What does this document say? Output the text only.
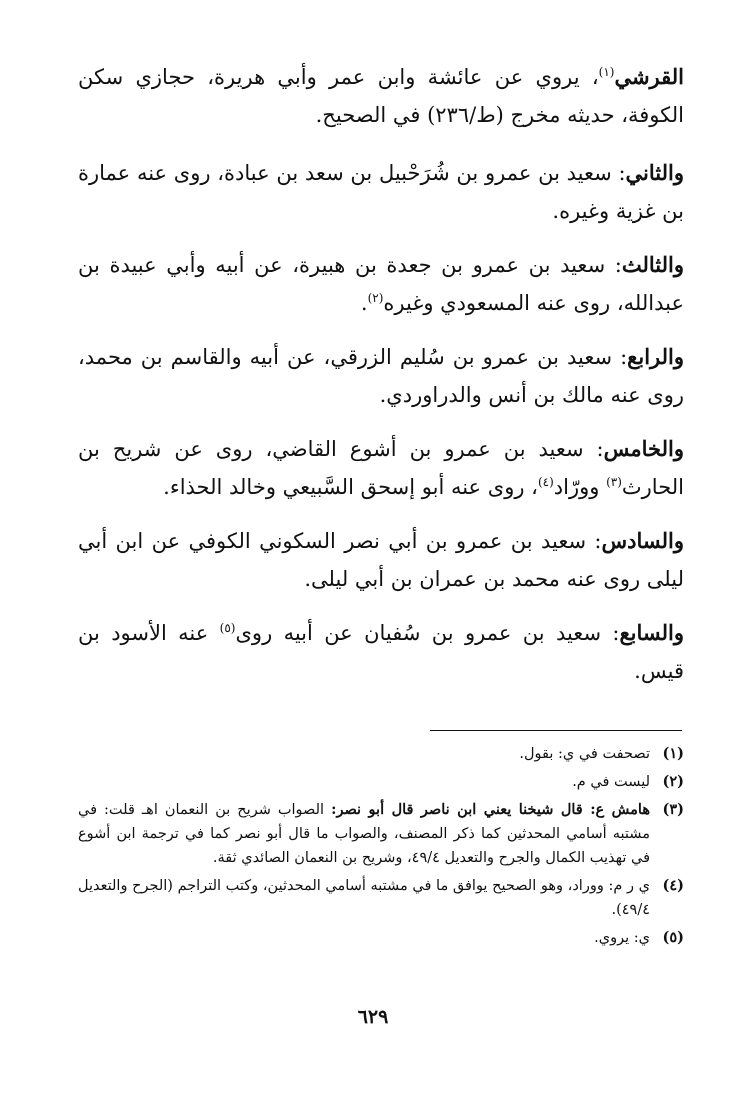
القرشي$^{(١)}$، يروي عن عائشة وابن عمر وأبي هريرة، حجازي سكن الكوفة، حديثه مخرج (ط/٢٣٦) في الصحيح.

والثاني: سعيد بن عمرو بن شُرَحْبيل بن سعد بن عبادة، روى عنه عمارة بن غزية وغيره.

والثالث: سعيد بن عمرو بن جعدة بن هبيرة، عن أبيه وأبي عبيدة بن عبدالله، روى عنه المسعودي وغيره$^{(٢)}$.

والرابع: سعيد بن عمرو بن سُليم الزرقي، عن أبيه والقاسم بن محمد، روى عنه مالك بن أنس والدراوردي.

والخامس: سعيد بن عمرو بن أشوع القاضي، روى عن شريح بن الحارث$^{(٣)}$ وورّاد$^{(٤)}$، روى عنه أبو إسحق السَّبيعي وخالد الحذاء.

والسادس: سعيد بن عمرو بن أبي نصر السكوني الكوفي عن ابن أبي ليلى روى عنه محمد بن عمران بن أبي ليلى.

والسابع: سعيد بن عمرو بن سُفيان عن أبيه روى$^{(٥)}$ عنه الأسود بن قيس.

(١)
تصحفت في ي: بقول.
(٢)
ليست في م.
(٣)
هامش ع: قال شيخنا يعني ابن ناصر قال أبو نصر: الصواب شريح بن النعمان اهـ قلت: في مشتبه أسامي المحدثين كما ذكر المصنف، والصواب ما قال أبو نصر كما في ترجمة ابن أشوع في تهذيب الكمال والجرح والتعديل ٤٩/٤، وشريح بن النعمان الصائدي ثقة.
(٤)
ي ر م: ووراد، وهو الصحيح يوافق ما في مشتبه أسامي المحدثين، وكتب التراجم (الجرح والتعديل ٤٩/٤).
(٥)
ي: يروي.
٦٢٩
